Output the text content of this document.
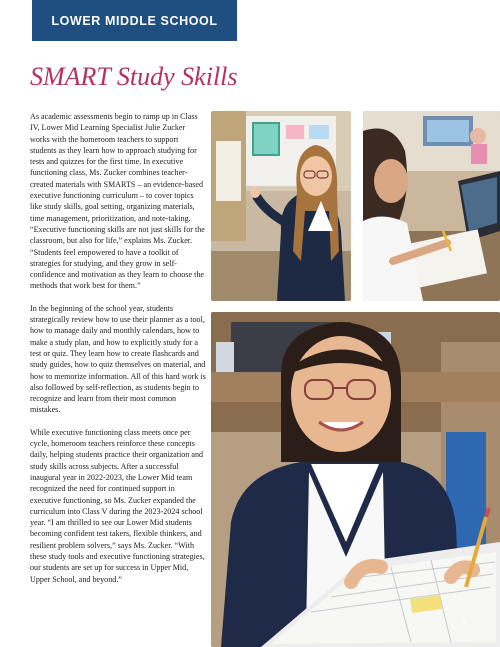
LOWER MIDDLE SCHOOL
SMART Study Skills

As academic assessments begin to ramp up in Class IV, Lower Mid Learning Specialist Julie Zucker works with the homeroom teachers to support students as they learn how to approach studying for tests and quizzes for the first time. In executive functioning class, Ms. Zucker combines teacher-created materials with SMARTS – an evidence-based executive functioning curriculum – to cover topics like study skills, goal setting, organizing materials, time management, prioritization, and note-taking. “Executive functioning skills are not just skills for the classroom, but also for life,” explains Ms. Zucker. “Students feel empowered to have a toolkit of strategies for studying, and they grow in self-confidence and motivation as they learn to choose the methods that work best for them.”

In the beginning of the school year, students strategically review how to use their planner as a tool, how to manage daily and monthly calendars, how to make a study plan, and how to explicitly study for a test or quiz. They learn how to create flashcards and study guides, how to quiz themselves on material, and how to memorize information. All of this hard work is also followed by self-reflection, as students begin to recognize and learn from their most common mistakes.

While executive functioning class meets once per cycle, homeroom teachers reinforce these concepts daily, helping students practice their organization and study skills across subjects. After a successful inaugural year in 2022-2023, the Lower Mid team recognized the need for continued support in executive functioning, so Ms. Zucker expanded the curriculum into Class V during the 2023-2024 school year. “I am thrilled to see our Lower Mid students becoming confident test takers, flexible thinkers, and resilient problem solvers,” says Ms. Zucker. “With these study tools and executive functioning strategies, our students are set up for success in Upper Mid, Upper School, and beyond.”

5
